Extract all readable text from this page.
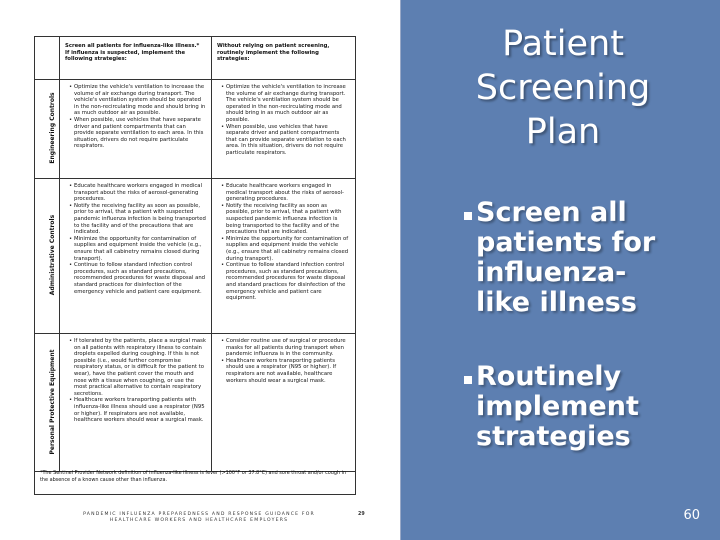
Screen all patients for influenza-like illness.*
If influenza is suspected, implement the following strategies:
Without relying on patient screening, routinely implement the following strategies:
Engineering Controls
Administrative Controls
Personal Protective Equipment
• Optimize the vehicle's ventilation to increase the volume of air exchange during transport. The vehicle's ventilation system should be operated in the non-recirculating mode and should bring in as much outdoor air as possible.
• When possible, use vehicles that have separate driver and patient compartments that can provide separate ventilation to each area. In this situation, drivers do not require particulate respirators.
• Optimize the vehicle's ventilation to increase the volume of air exchange during transport. The vehicle's ventilation system should be operated in the non-recirculating mode and should bring in as much outdoor air as possible.
• When possible, use vehicles that have separate driver and patient compartments that can provide separate ventilation to each area. In this situation, drivers do not require particulate respirators.
• Educate healthcare workers engaged in medical transport about the risks of aerosol-generating procedures.
• Notify the receiving facility as soon as possible, prior to arrival, that a patient with suspected pandemic influenza infection is being transported to the facility and of the precautions that are indicated.
• Minimize the opportunity for contamination of supplies and equipment inside the vehicle (e.g., ensure that all cabinetry remains closed during transport).
• Continue to follow standard infection control procedures, such as standard precautions, recommended procedures for waste disposal and standard practices for disinfection of the emergency vehicle and patient care equipment.
• Educate healthcare workers engaged in medical transport about the risks of aerosol-generating procedures.
• Notify the receiving facility as soon as possible, prior to arrival, that a patient with suspected pandemic influenza infection is being transported to the facility and of the precautions that are indicated.
• Minimize the opportunity for contamination of supplies and equipment inside the vehicle (e.g., ensure that all cabinetry remains closed during transport).
• Continue to follow standard infection control procedures, such as standard precautions, recommended procedures for waste disposal and standard practices for disinfection of the emergency vehicle and patient care equipment.
• If tolerated by the patients, place a surgical mask on all patients with respiratory illness to contain droplets expelled during coughing. If this is not possible (i.e., would further compromise respiratory status, or is difficult for the patient to wear), have the patient cover the mouth and nose with a tissue when coughing, or use the most practical alternative to contain respiratory secretions.
• Healthcare workers transporting patients with influenza-like illness should use a respirator (N95 or higher). If respirators are not available, healthcare workers should wear a surgical mask.
• Consider routine use of surgical or procedure masks for all patients during transport when pandemic influenza is in the community.
• Healthcare workers transporting patients should use a respirator (N95 or higher). If respirators are not available, healthcare workers should wear a surgical mask.
*The Sentinel Provider Network definition of influenza-like illness is fever (>100°F or 37.8°C) and sore throat and/or cough in the absence of a known cause other than influenza.
PANDEMIC INFLUENZA PREPAREDNESS AND RESPONSE GUIDANCE FOR
HEALTHCARE WORKERS AND HEALTHCARE EMPLOYERS
29
Patient
Screening
Plan
Screen all
patients for
influenza-
like illness
Routinely
implement
strategies
60
